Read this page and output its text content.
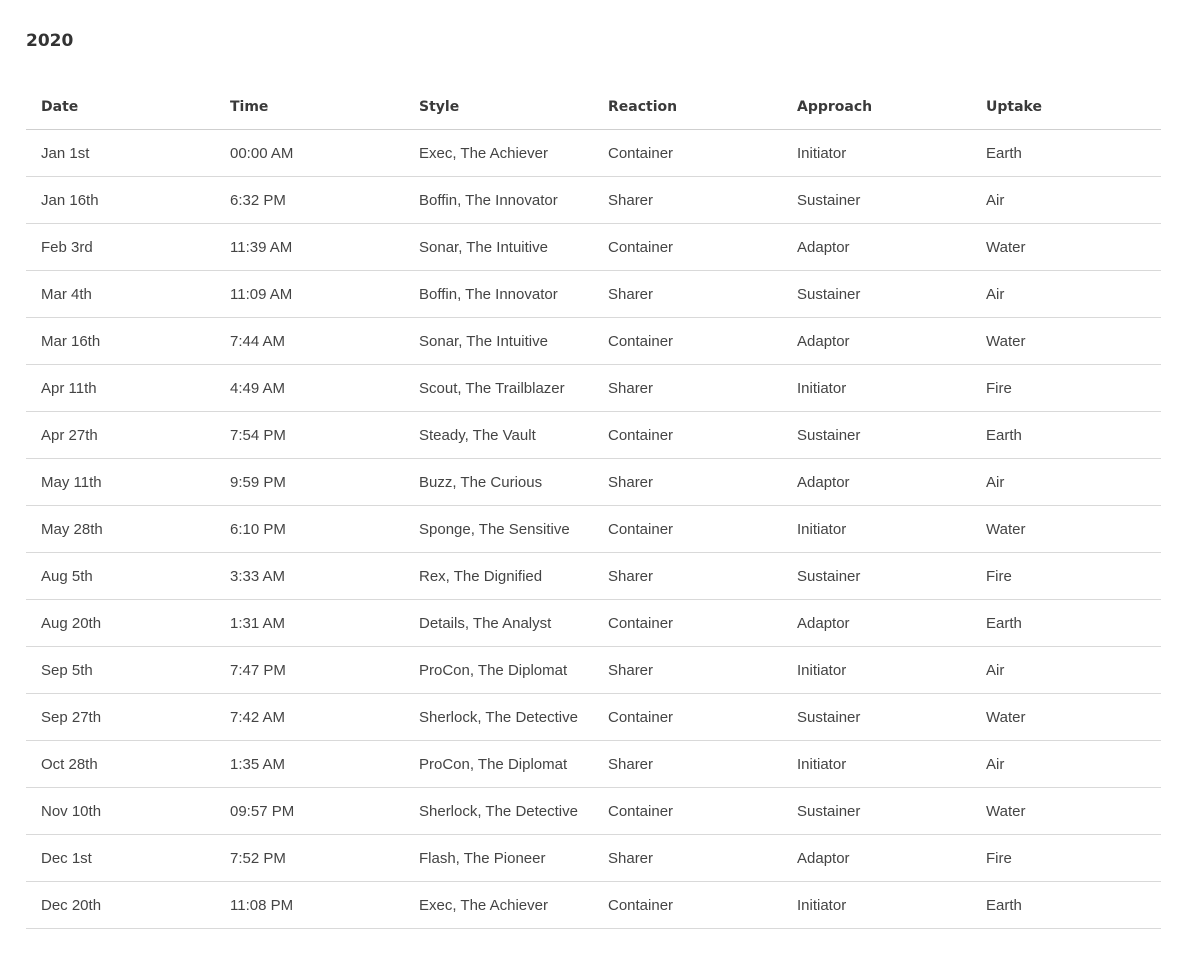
2020
Date	Time	Style	Reaction	Approach	Uptake
Jan 1st	00:00 AM	Exec, The Achiever	Container	Initiator	Earth
Jan 16th	6:32 PM	Boffin, The Innovator	Sharer	Sustainer	Air
Feb 3rd	11:39 AM	Sonar, The Intuitive	Container	Adaptor	Water
Mar 4th	11:09 AM	Boffin, The Innovator	Sharer	Sustainer	Air
Mar 16th	7:44 AM	Sonar, The Intuitive	Container	Adaptor	Water
Apr 11th	4:49 AM	Scout, The Trailblazer	Sharer	Initiator	Fire
Apr 27th	7:54 PM	Steady, The Vault	Container	Sustainer	Earth
May 11th	9:59 PM	Buzz, The Curious	Sharer	Adaptor	Air
May 28th	6:10 PM	Sponge, The Sensitive	Container	Initiator	Water
Aug 5th	3:33 AM	Rex, The Dignified	Sharer	Sustainer	Fire
Aug 20th	1:31 AM	Details, The Analyst	Container	Adaptor	Earth
Sep 5th	7:47 PM	ProCon, The Diplomat	Sharer	Initiator	Air
Sep 27th	7:42 AM	Sherlock, The Detective	Container	Sustainer	Water
Oct 28th	1:35 AM	ProCon, The Diplomat	Sharer	Initiator	Air
Nov 10th	09:57 PM	Sherlock, The Detective	Container	Sustainer	Water
Dec 1st	7:52 PM	Flash, The Pioneer	Sharer	Adaptor	Fire
Dec 20th	11:08 PM	Exec, The Achiever	Container	Initiator	Earth
